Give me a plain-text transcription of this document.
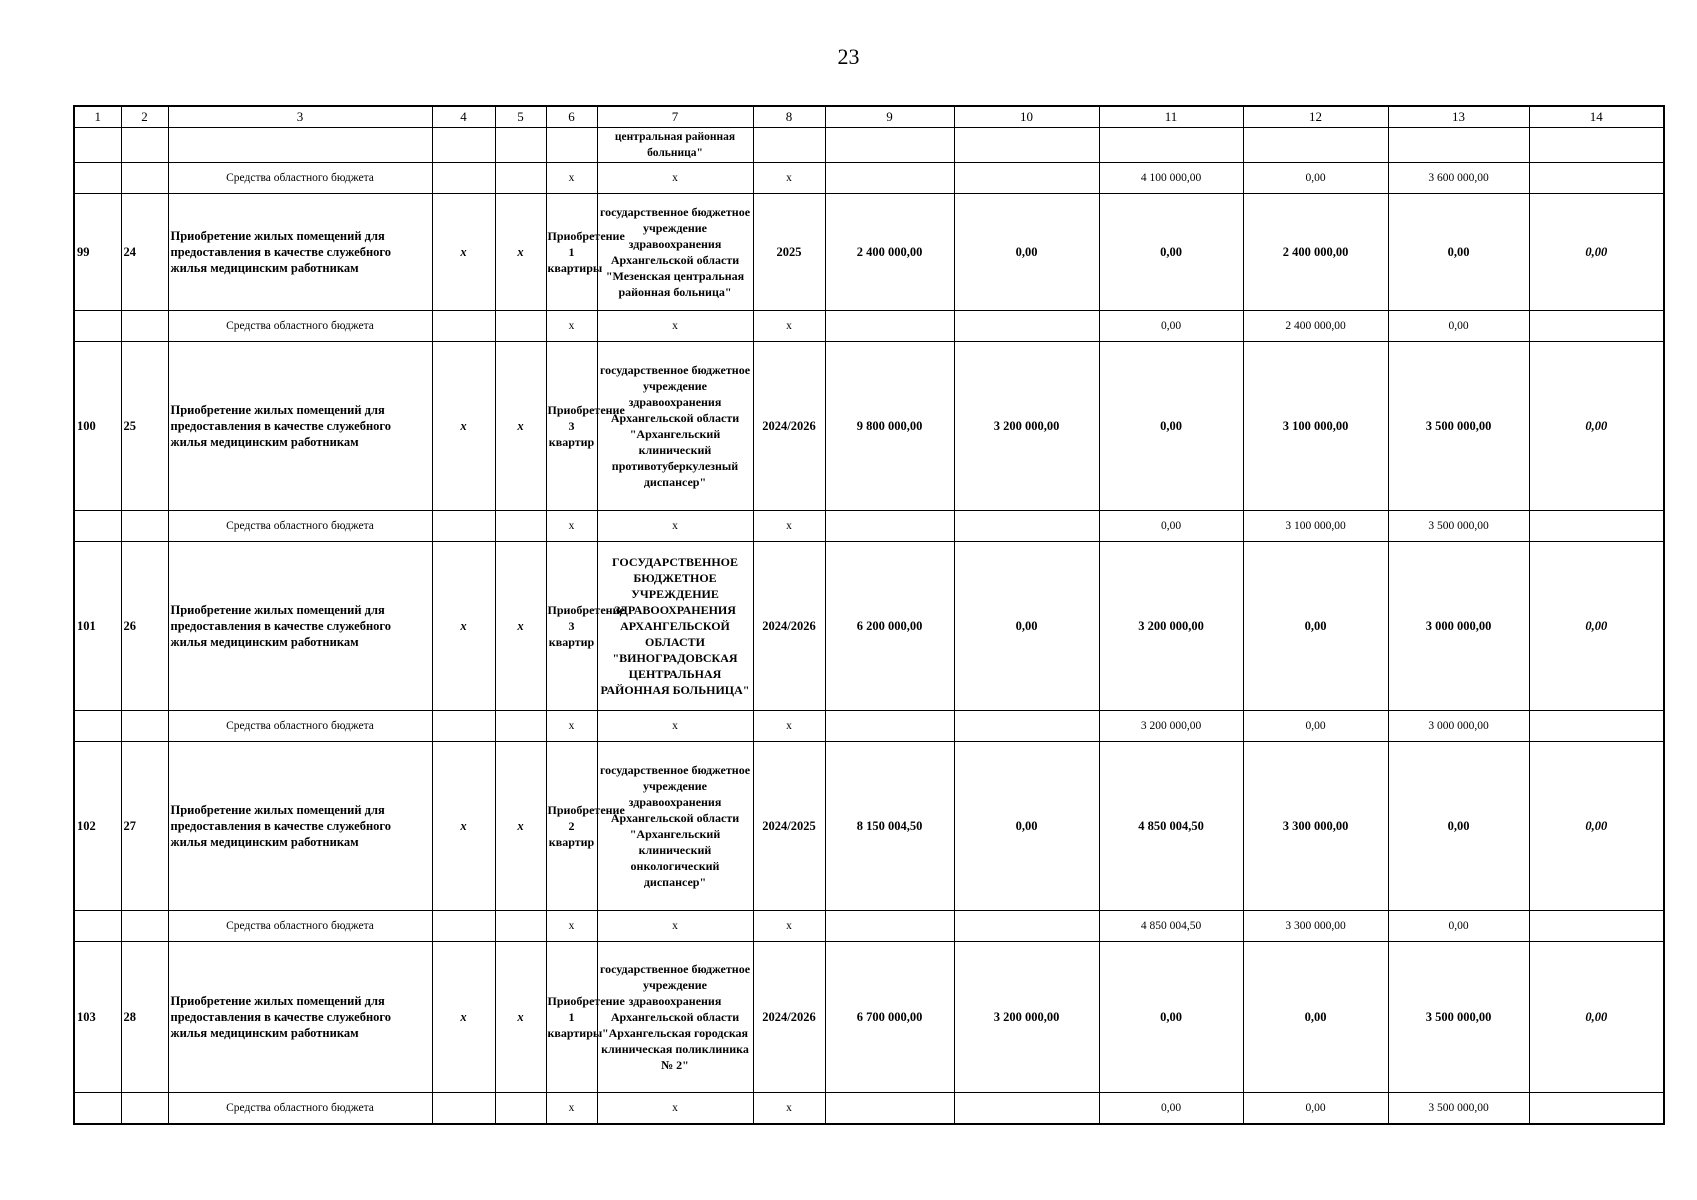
23
1	2	3	4	5	6	7	8	9	10	11	12	13	14
						центральная районная больница"							
		Средства областного бюджета			х	х	х			4 100 000,00	0,00	3 600 000,00	
99	24	Приобретение жилых помещений для предоставления в качестве служебного жилья медицинским работникам	х	х	Приобретение 1 квартиры	государственное бюджетное учреждение здравоохранения Архангельской области "Мезенская центральная районная больница"	2025	2 400 000,00	0,00	0,00	2 400 000,00	0,00	0,00
		Средства областного бюджета			х	х	х			0,00	2 400 000,00	0,00	
100	25	Приобретение жилых помещений для предоставления в качестве служебного жилья медицинским работникам	х	х	Приобретение 3 квартир	государственное бюджетное учреждение здравоохранения Архангельской области "Архангельский клинический противотуберкулезный диспансер"	2024/2026	9 800 000,00	3 200 000,00	0,00	3 100 000,00	3 500 000,00	0,00
		Средства областного бюджета			х	х	х			0,00	3 100 000,00	3 500 000,00	
101	26	Приобретение жилых помещений для предоставления в качестве служебного жилья медицинским работникам	х	х	Приобретение 3 квартир	ГОСУДАРСТВЕННОЕ БЮДЖЕТНОЕ УЧРЕЖДЕНИЕ ЗДРАВООХРАНЕНИЯ АРХАНГЕЛЬСКОЙ ОБЛАСТИ "ВИНОГРАДОВСКАЯ ЦЕНТРАЛЬНАЯ РАЙОННАЯ БОЛЬНИЦА"	2024/2026	6 200 000,00	0,00	3 200 000,00	0,00	3 000 000,00	0,00
		Средства областного бюджета			х	х	х			3 200 000,00	0,00	3 000 000,00	
102	27	Приобретение жилых помещений для предоставления в качестве служебного жилья медицинским работникам	х	х	Приобретение 2 квартир	государственное бюджетное учреждение здравоохранения Архангельской области "Архангельский клинический онкологический диспансер"	2024/2025	8 150 004,50	0,00	4 850 004,50	3 300 000,00	0,00	0,00
		Средства областного бюджета			х	х	х			4 850 004,50	3 300 000,00	0,00	
103	28	Приобретение жилых помещений для предоставления в качестве служебного жилья медицинским работникам	х	х	Приобретение 1 квартиры	государственное бюджетное учреждение здравоохранения Архангельской области "Архангельская городская клиническая поликлиника № 2"	2024/2026	6 700 000,00	3 200 000,00	0,00	0,00	3 500 000,00	0,00
		Средства областного бюджета			х	х	х			0,00	0,00	3 500 000,00	
